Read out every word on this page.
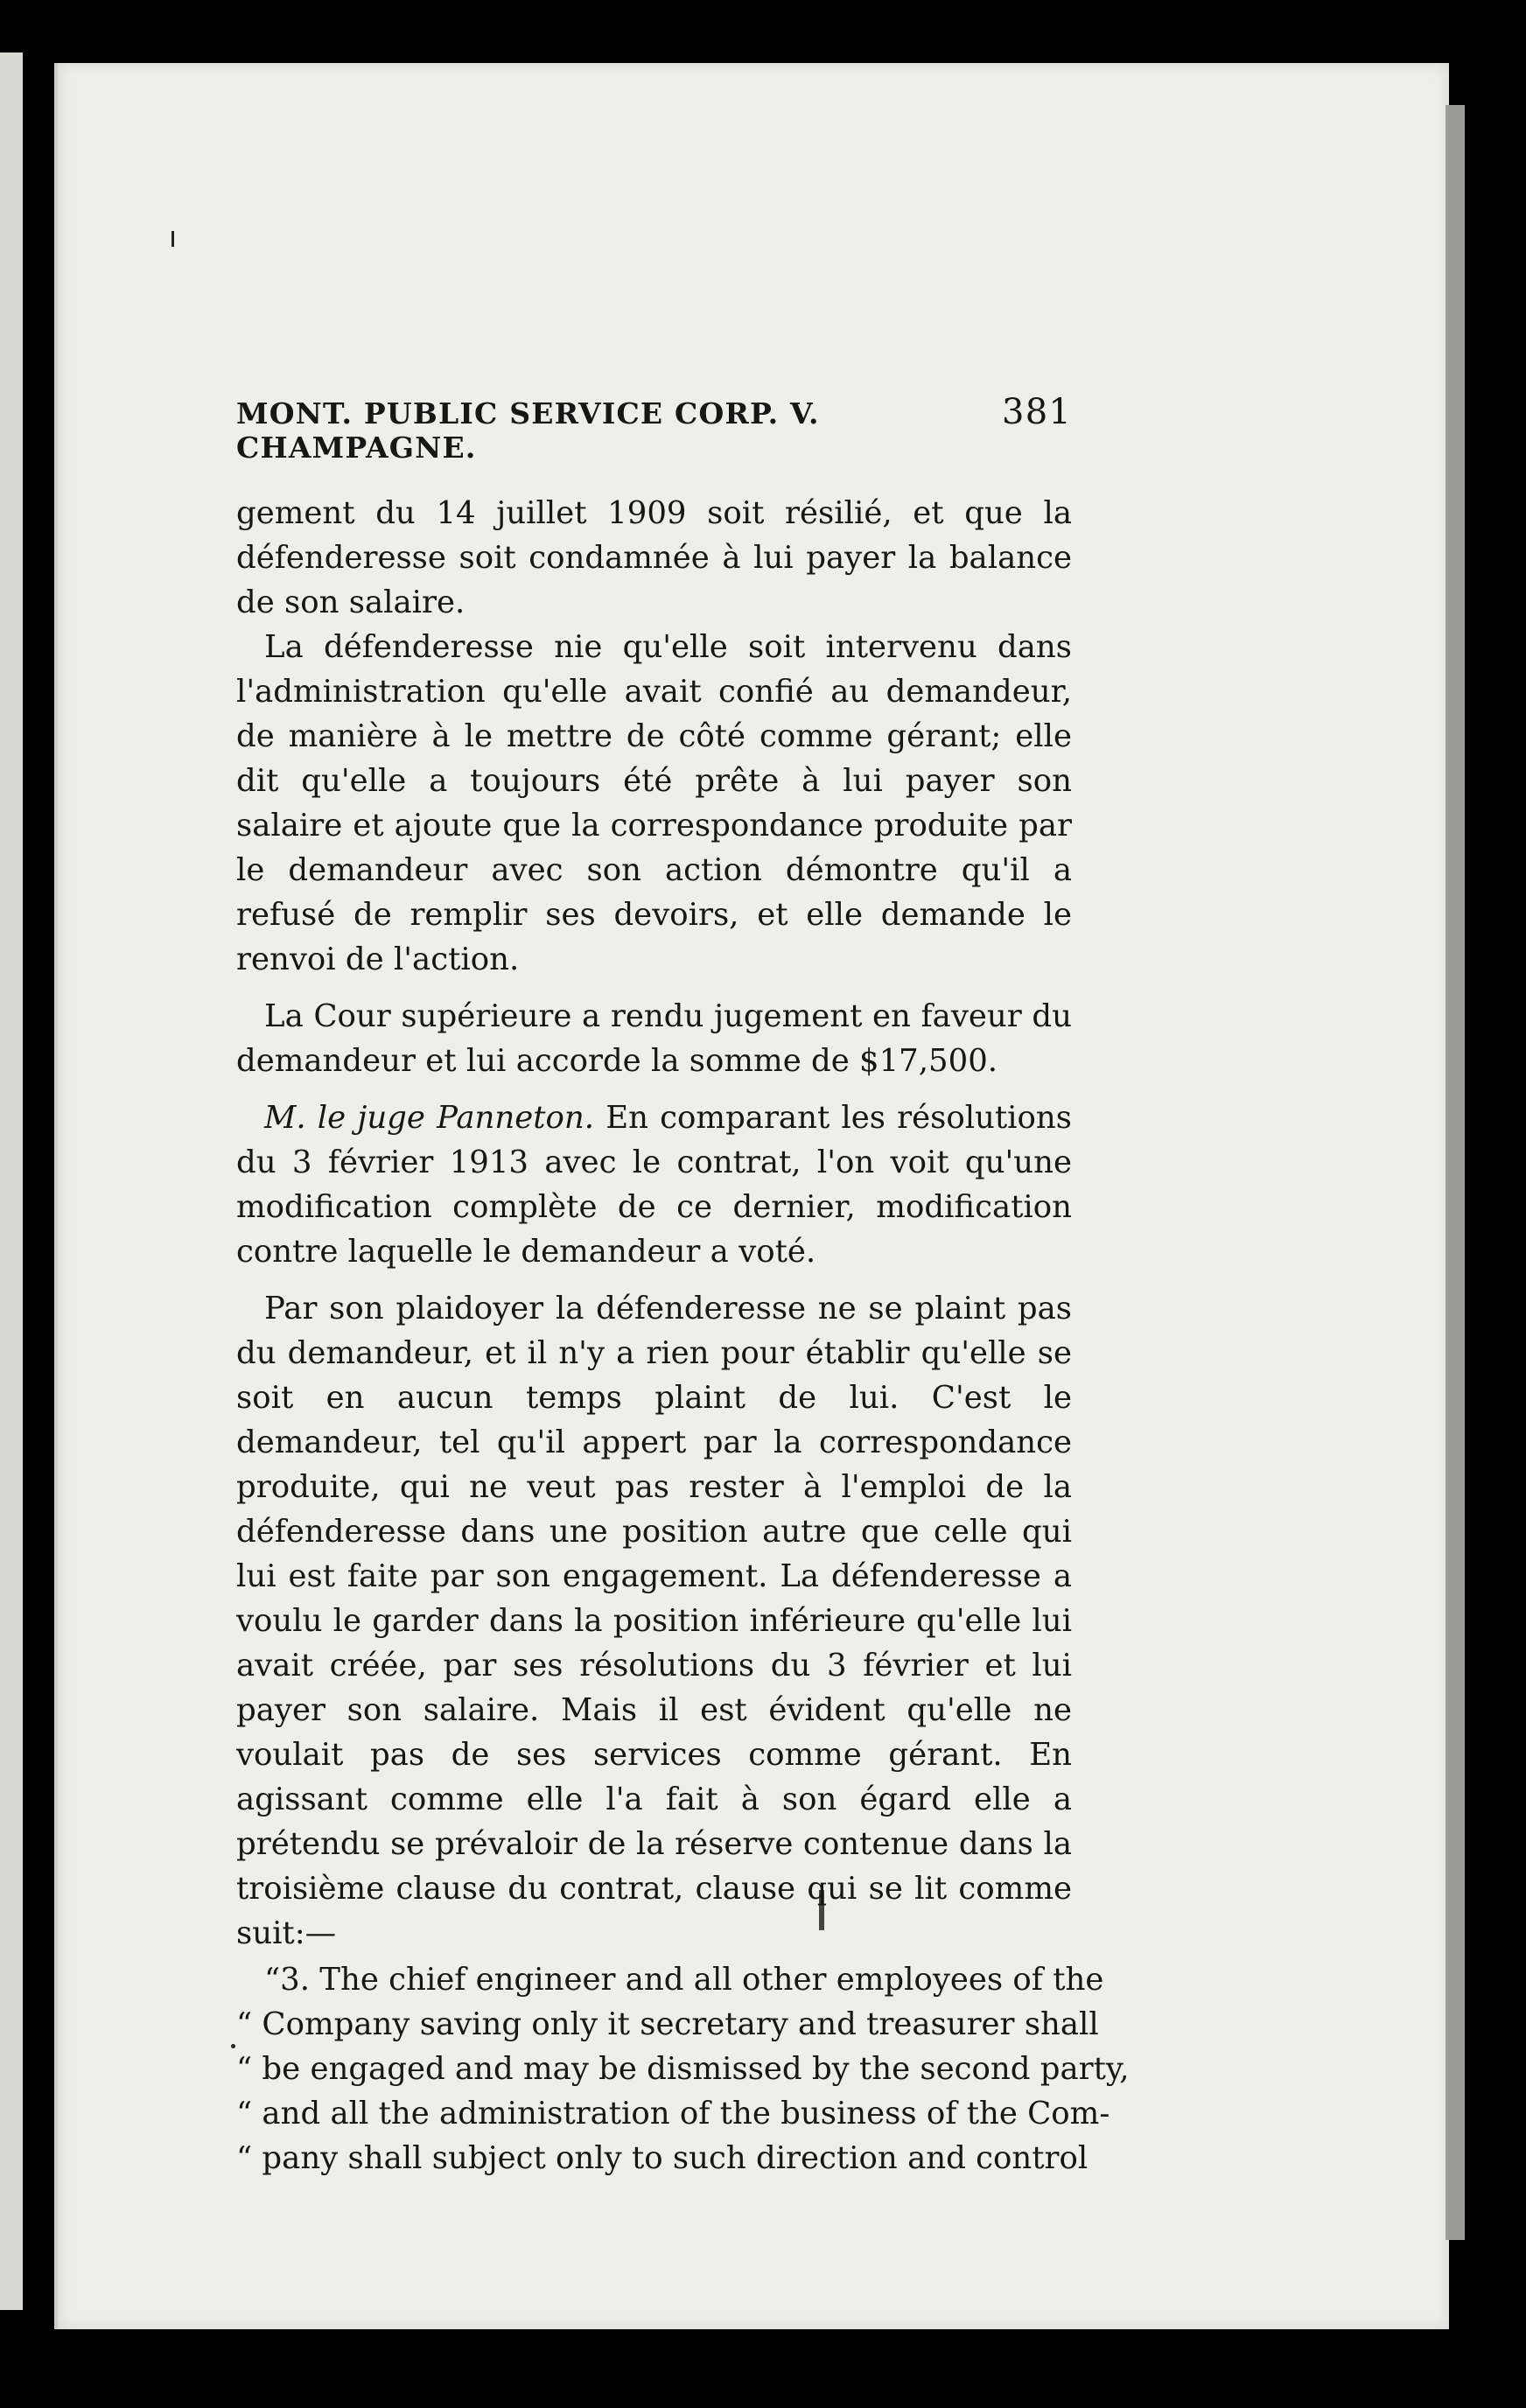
MONT. PUBLIC SERVICE CORP. V. CHAMPAGNE.
381

gement du 14 juillet 1909 soit résilié, et que la défenderesse soit condamnée à lui payer la balance de son salaire.

La défenderesse nie qu'elle soit intervenu dans l'administration qu'elle avait confié au demandeur, de manière à le mettre de côté comme gérant; elle dit qu'elle a toujours été prête à lui payer son salaire et ajoute que la correspondance produite par le demandeur avec son action démontre qu'il a refusé de remplir ses devoirs, et elle demande le renvoi de l'action.

La Cour supérieure a rendu jugement en faveur du demandeur et lui accorde la somme de $17,500.

M. le juge Panneton. En comparant les résolutions du 3 février 1913 avec le contrat, l'on voit qu'une modification complète de ce dernier, modification contre laquelle le demandeur a voté.

Par son plaidoyer la défenderesse ne se plaint pas du demandeur, et il n'y a rien pour établir qu'elle se soit en aucun temps plaint de lui. C'est le demandeur, tel qu'il appert par la correspondance produite, qui ne veut pas rester à l'emploi de la défenderesse dans une position autre que celle qui lui est faite par son engagement. La défenderesse a voulu le garder dans la position inférieure qu'elle lui avait créée, par ses résolutions du 3 février et lui payer son salaire. Mais il est évident qu'elle ne voulait pas de ses services comme gérant. En agissant comme elle l'a fait à son égard elle a prétendu se prévaloir de la réserve contenue dans la troisième clause du contrat, clause qui se lit comme suit:—

“3. The chief engineer and all other employees of the

“ Company saving only it secretary and treasurer shall

“ be engaged and may be dismissed by the second party,

“ and all the administration of the business of the Com-

“ pany shall subject only to such direction and control
